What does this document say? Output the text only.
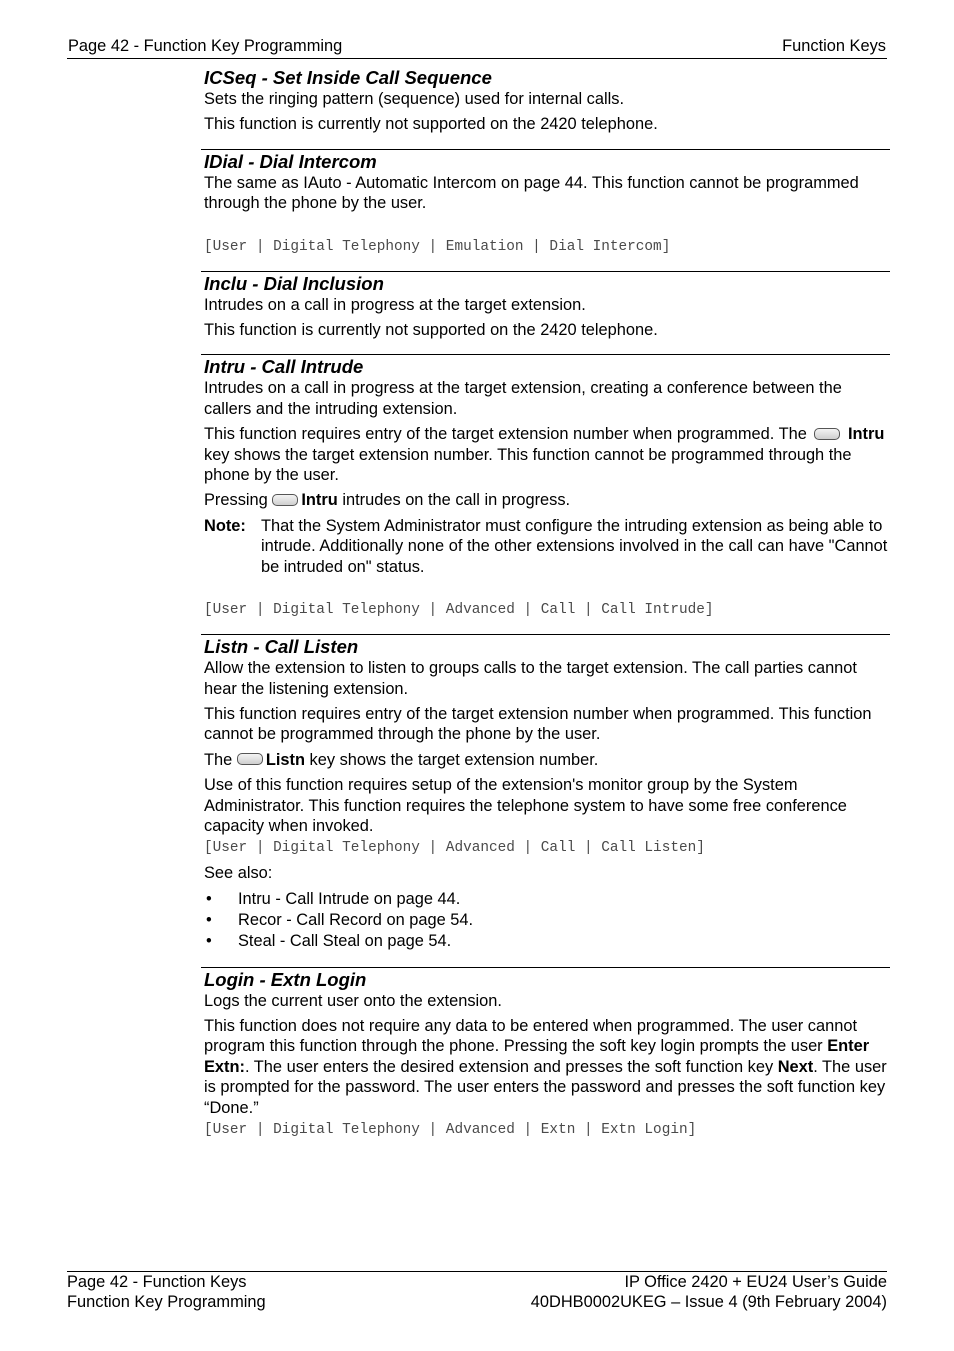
Page 42 - Function Key Programming	Function Keys
ICSeq - Set Inside Call Sequence

Sets the ringing pattern (sequence) used for internal calls.

This function is currently not supported on the 2420 telephone.

IDial - Dial Intercom

The same as IAuto - Automatic Intercom on page 44. This function cannot be programmed through the phone by the user.

[User | Digital Telephony | Emulation | Dial Intercom]
Inclu - Dial Inclusion

Intrudes on a call in progress at the target extension.

This function is currently not supported on the 2420 telephone.

Intru - Call Intrude

Intrudes on a call in progress at the target extension, creating a conference between the callers and the intruding extension.

This function requires entry of the target extension number when programmed. The	Intru key shows the target extension number. This function cannot be programmed through the phone by the user.

Pressing Intru intrudes on the call in progress.

Note: That the System Administrator must configure the intruding extension as being able to intrude. Additionally none of the other extensions involved in the call can have "Cannot be intruded on" status.
[User | Digital Telephony | Advanced | Call | Call Intrude]
Listn - Call Listen

Allow the extension to listen to groups calls to the target extension. The call parties cannot hear the listening extension.

This function requires entry of the target extension number when programmed. This function cannot be programmed through the phone by the user.

The Listn key shows the target extension number.

Use of this function requires setup of the extension's monitor group by the System Administrator. This function requires the telephone system to have some free conference capacity when invoked.

[User | Digital Telephony | Advanced | Call | Call Listen]

See also:

• Intru - Call Intrude on page 44.
• Recor - Call Record on page 54.
• Steal - Call Steal on page 54.
Login - Extn Login

Logs the current user onto the extension.

This function does not require any data to be entered when programmed. The user cannot program this function through the phone. Pressing the soft key login prompts the user Enter Extn:. The user enters the desired extension and presses the soft function key Next. The user is prompted for the password. The user enters the password and presses the soft function key “Done.”

[User | Digital Telephony | Advanced | Extn | Extn Login]
Page 42 - Function Keys	IP Office 2420 + EU24 User’s Guide
Function Key Programming	40DHB0002UKEG – Issue 4 (9th February 2004)
